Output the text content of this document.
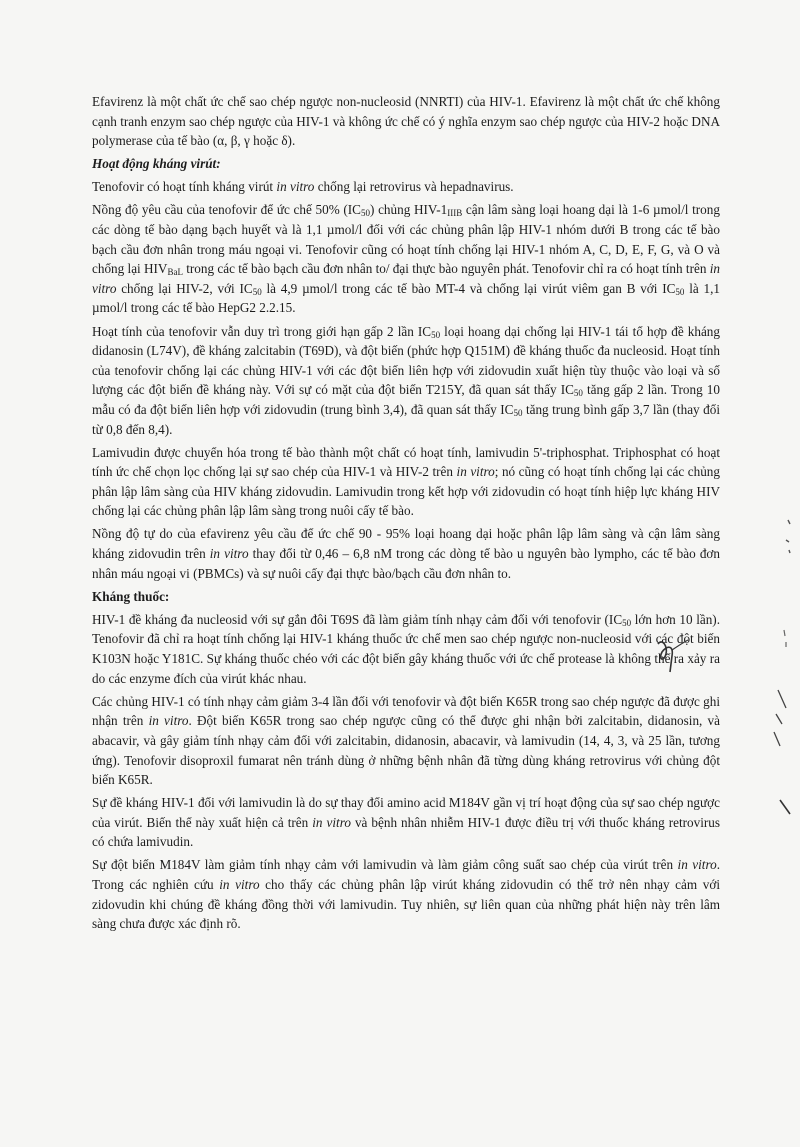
Efavirenz là một chất ức chế sao chép ngược non-nucleosid (NNRTI) của HIV-1. Efavirenz là một chất ức chế không cạnh tranh enzym sao chép ngược của HIV-1 và không ức chế có ý nghĩa enzym sao chép ngược của HIV-2 hoặc DNA polymerase của tế bào (α, β, γ hoặc δ).

Hoạt động kháng virút:

Tenofovir có hoạt tính kháng virút in vitro chống lại retrovirus và hepadnavirus.

Nồng độ yêu cầu của tenofovir để ức chế 50% $(IC_{50})$ chủng HIV-$1_{IIIB}$ cận lâm sàng loại hoang dại là 1-6 µmol/l trong các dòng tế bào dạng bạch huyết và là 1,1 µmol/l đối với các chủng phân lập HIV-1 nhóm dưới B trong các tế bào bạch cầu đơn nhân trong máu ngoại vi. Tenofovir cũng có hoạt tính chống lại HIV-1 nhóm A, C, D, E, F, G, và O và chống lại $HIV_{BaL}$ trong các tế bào bạch cầu đơn nhân to/ đại thực bào nguyên phát. Tenofovir chỉ ra có hoạt tính trên in vitro chống lại HIV-2, với $IC_{50}$ là 4,9 µmol/l trong các tế bào MT-4 và chống lại virút viêm gan B với $IC_{50}$ là 1,1 µmol/l trong các tế bào HepG2 2.2.15.

Hoạt tính của tenofovir vẫn duy trì trong giới hạn gấp 2 lần $IC_{50}$ loại hoang dại chống lại HIV-1 tái tổ hợp đề kháng didanosin (L74V), đề kháng zalcitabin (T69D), và đột biến (phức hợp Q151M) đề kháng thuốc đa nucleosid. Hoạt tính của tenofovir chống lại các chủng HIV-1 với các đột biến liên hợp với zidovudin xuất hiện tùy thuộc vào loại và số lượng các đột biến đề kháng này. Với sự có mặt của đột biến T215Y, đã quan sát thấy $IC_{50}$ tăng gấp 2 lần. Trong 10 mẫu có đa đột biến liên hợp với zidovudin (trung bình 3,4), đã quan sát thấy $IC_{50}$ tăng trung bình gấp 3,7 lần (thay đổi từ 0,8 đến 8,4).

Lamivudin được chuyển hóa trong tế bào thành một chất có hoạt tính, lamivudin 5'-triphosphat. Triphosphat có hoạt tính ức chế chọn lọc chống lại sự sao chép của HIV-1 và HIV-2 trên in vitro; nó cũng có hoạt tính chống lại các chủng phân lập lâm sàng của HIV kháng zidovudin. Lamivudin trong kết hợp với zidovudin có hoạt tính hiệp lực kháng HIV chống lại các chủng phân lập lâm sàng trong nuôi cấy tế bào.

Nồng độ tự do của efavirenz yêu cầu để ức chế 90 - 95% loại hoang dại hoặc phân lập lâm sàng và cận lâm sàng kháng zidovudin trên in vitro thay đổi từ 0,46 – 6,8 nM trong các dòng tế bào u nguyên bào lympho, các tế bào đơn nhân máu ngoại vi (PBMCs) và sự nuôi cấy đại thực bào/bạch cầu đơn nhân to.

Kháng thuốc:

HIV-1 đề kháng đa nucleosid với sự gắn đôi T69S đã làm giảm tính nhạy cảm đối với tenofovir ($IC_{50}$ lớn hơn 10 lần). Tenofovir đã chỉ ra hoạt tính chống lại HIV-1 kháng thuốc ức chế men sao chép ngược non-nucleosid với các đột biến K103N hoặc Y181C. Sự kháng thuốc chéo với các đột biến gây kháng thuốc với ức chế protease là không thể ra xảy ra do các enzyme đích của virút khác nhau.

Các chủng HIV-1 có tính nhạy cảm giảm 3-4 lần đối với tenofovir và đột biến K65R trong sao chép ngược đã được ghi nhận trên in vitro. Đột biến K65R trong sao chép ngược cũng có thể được ghi nhận bởi zalcitabin, didanosin, và abacavir, và gây giảm tính nhạy cảm đối với zalcitabin, didanosin, abacavir, và lamivudin (14, 4, 3, và 25 lần, tương ứng). Tenofovir disoproxil fumarat nên tránh dùng ở những bệnh nhân đã từng dùng kháng retrovirus với chủng đột biến K65R.

Sự đề kháng HIV-1 đối với lamivudin là do sự thay đổi amino acid M184V gần vị trí hoạt động của sự sao chép ngược của virút. Biến thể này xuất hiện cả trên in vitro và bệnh nhân nhiễm HIV-1 được điều trị với thuốc kháng retrovirus có chứa lamivudin.

Sự đột biến M184V làm giảm tính nhạy cảm với lamivudin và làm giảm công suất sao chép của virút trên in vitro. Trong các nghiên cứu in vitro cho thấy các chủng phân lập virút kháng zidovudin có thể trở nên nhạy cảm với zidovudin khi chúng đề kháng đồng thời với lamivudin. Tuy nhiên, sự liên quan của những phát hiện này trên lâm sàng chưa được xác định rõ.
